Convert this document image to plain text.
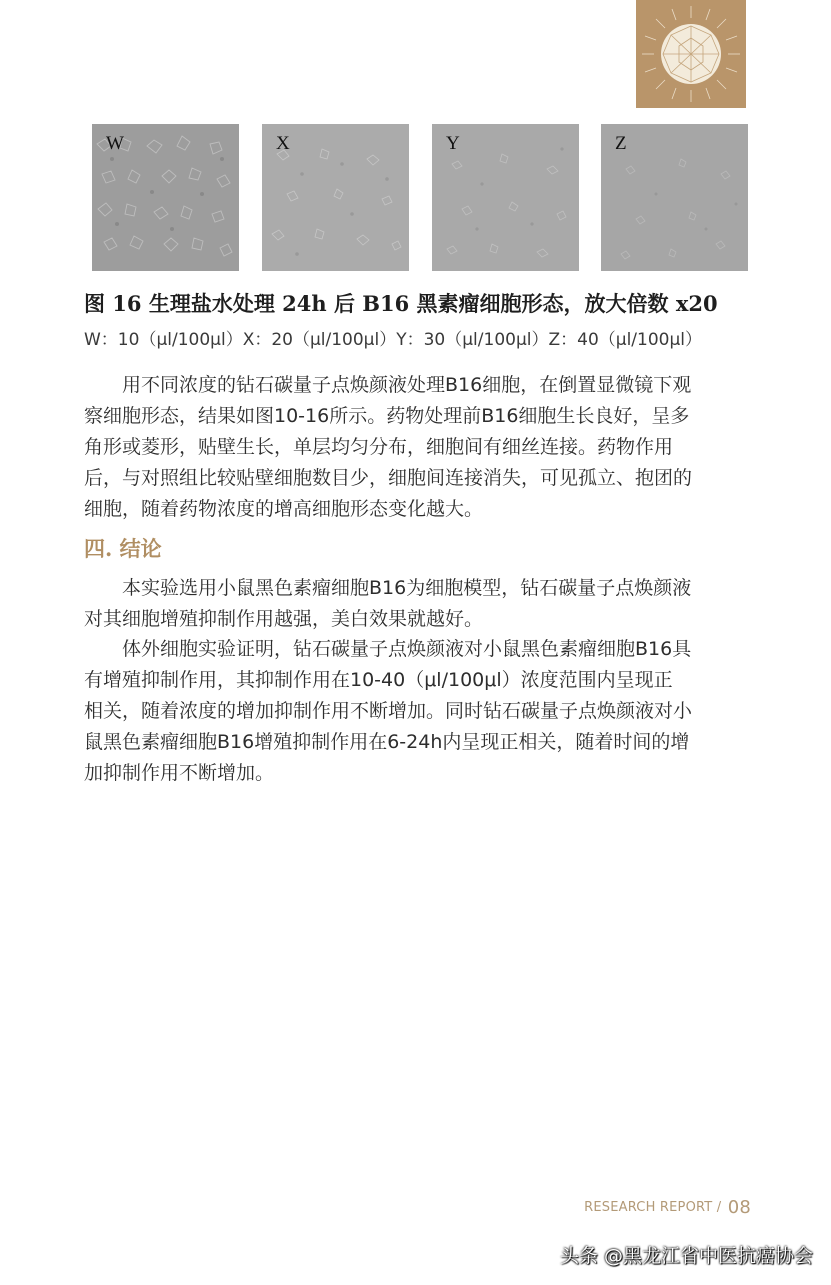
W	X	Y	Z
图 16 生理盐水处理 24h 后 B16 黑素瘤细胞形态，放大倍数 x20
W：10（μl/100μl）X：20（μl/100μl）Y：30（μl/100μl）Z：40（μl/100μl）
　　用不同浓度的钻石碳量子点焕颜液处理B16细胞，在倒置显微镜下观
察细胞形态，结果如图10-16所示。药物处理前B16细胞生长良好，呈多
角形或菱形，贴壁生长，单层均匀分布，细胞间有细丝连接。药物作用
后，与对照组比较贴壁细胞数目少，细胞间连接消失，可见孤立、抱团的
细胞，随着药物浓度的增高细胞形态变化越大。
四. 结论
　　本实验选用小鼠黑色素瘤细胞B16为细胞模型，钻石碳量子点焕颜液
对其细胞增殖抑制作用越强，美白效果就越好。
　　体外细胞实验证明，钻石碳量子点焕颜液对小鼠黑色素瘤细胞B16具
有增殖抑制作用，其抑制作用在10-40（μl/100μl）浓度范围内呈现正
相关，随着浓度的增加抑制作用不断增加。同时钻石碳量子点焕颜液对小
鼠黑色素瘤细胞B16增殖抑制作用在6-24h内呈现正相关，随着时间的增
加抑制作用不断增加。
RESEARCH REPORT / 08
头条 @黑龙江省中医抗癌协会
